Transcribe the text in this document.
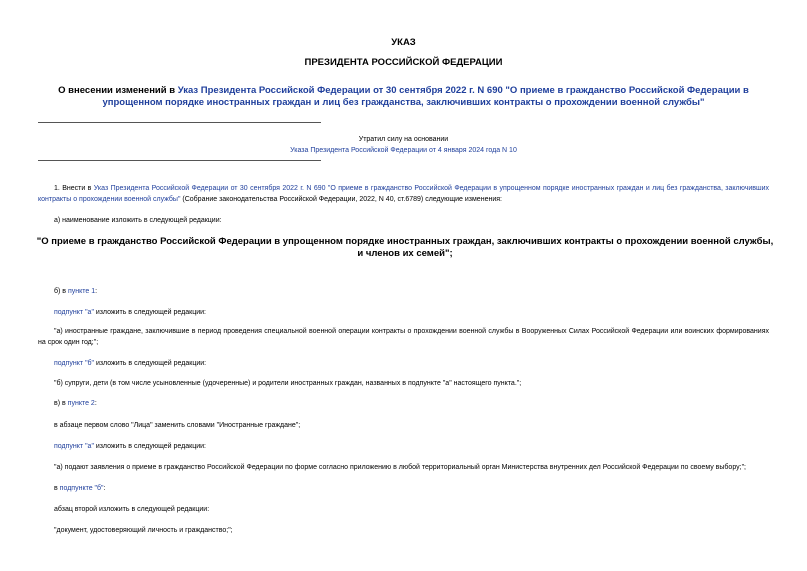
УКАЗ
ПРЕЗИДЕНТА РОССИЙСКОЙ ФЕДЕРАЦИИ
О внесении изменений в Указ Президента Российской Федерации от 30 сентября 2022 г. N 690 "О приеме в гражданство Российской Федерации в упрощенном порядке иностранных граждан и лиц без гражданства, заключивших контракты о прохождении военной службы"
Утратил силу на основании
Указа Президента Российской Федерации от 4 января 2024 года N 10
1. Внести в Указ Президента Российской Федерации от 30 сентября 2022 г. N 690 "О приеме в гражданство Российской Федерации в упрощенном порядке иностранных граждан и лиц без гражданства, заключивших контракты о прохождении военной службы" (Собрание законодательства Российской Федерации, 2022, N 40, ст.6789) следующие изменения:
а) наименование изложить в следующей редакции:
"О приеме в гражданство Российской Федерации в упрощенном порядке иностранных граждан, заключивших контракты о прохождении военной службы, и членов их семей";
б) в пункте 1:
подпункт "а" изложить в следующей редакции:
"а) иностранные граждане, заключившие в период проведения специальной военной операции контракты о прохождении военной службы в Вооруженных Силах Российской Федерации или воинских формированиях на срок один год;";
подпункт "б" изложить в следующей редакции:
"б) супруги, дети (в том числе усыновленные (удочеренные) и родители иностранных граждан, названных в подпункте "а" настоящего пункта.";
в) в пункте 2:
в абзаце первом слово "Лица" заменить словами "Иностранные граждане";
подпункт "а" изложить в следующей редакции:
"а) подают заявления о приеме в гражданство Российской Федерации по форме согласно приложению в любой территориальный орган Министерства внутренних дел Российской Федерации по своему выбору;";
в подпункте "б":
абзац второй изложить в следующей редакции:
"документ, удостоверяющий личность и гражданство;";
